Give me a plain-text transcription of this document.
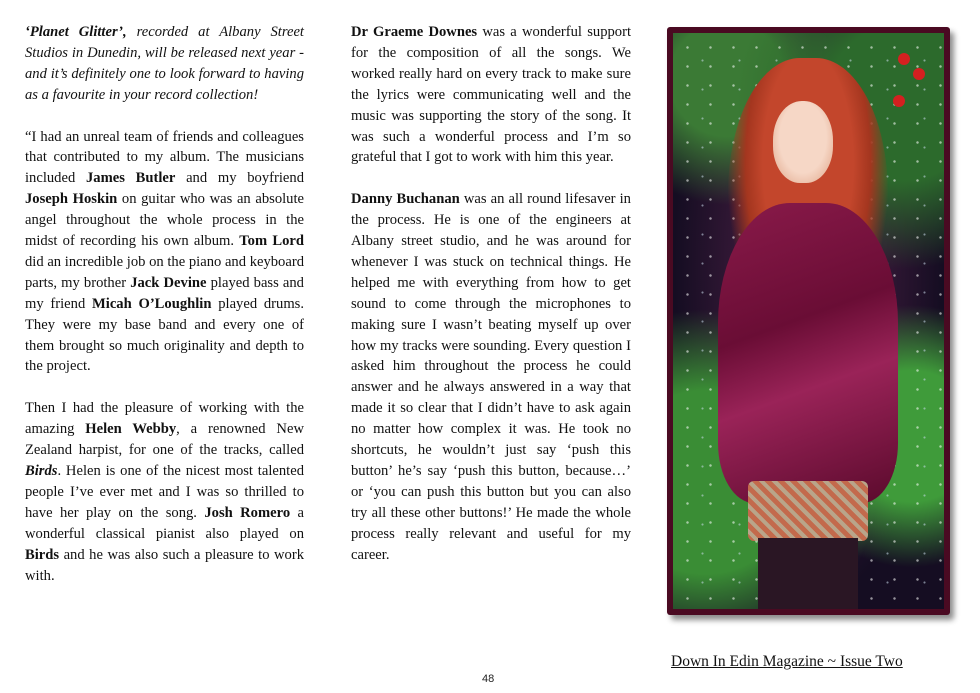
‘Planet Glitter’, recorded at Albany Street Studios in Dunedin, will be released next year - and it’s definitely one to look forward to having as a favourite in your record collection!

“I had an unreal team of friends and colleagues that contributed to my album. The musicians included James Butler and my boyfriend Joseph Hoskin on guitar who was an absolute angel throughout the whole process in the midst of recording his own album. Tom Lord did an incredible job on the piano and keyboard parts, my brother Jack Devine played bass and my friend Micah O’Loughlin played drums. They were my base band and every one of them brought so much originality and depth to the project.

Then I had the pleasure of working with the amazing Helen Webby, a renowned New Zealand harpist, for one of the tracks, called Birds. Helen is one of the nicest most talented people I’ve ever met and I was so thrilled to have her play on the song. Josh Romero a wonderful classical pianist also played on Birds and he was also such a pleasure to work with.

Dr Graeme Downes was a wonderful support for the composition of all the songs. We worked really hard on every track to make sure the lyrics were communicating well and the music was supporting the story of the song. It was such a wonderful process and I’m so grateful that I got to work with him this year.

Danny Buchanan was an all round lifesaver in the process. He is one of the engineers at Albany street studio, and he was around for whenever I was stuck on technical things. He helped me with everything from how to get sound to come through the microphones to making sure I wasn’t beating myself up over how my tracks were sounding. Every question I asked him throughout the process he could answer and he always answered in a way that made it so clear that I didn’t have to ask again no matter how complex it was. He took no shortcuts, he wouldn’t just say ‘push this button’ he’s say ‘push this button, because…’ or ‘you can push this button but you can also try all these other buttons!’ He made the whole process really relevant and useful for my career.

48
Down In Edin Magazine ~ Issue Two
